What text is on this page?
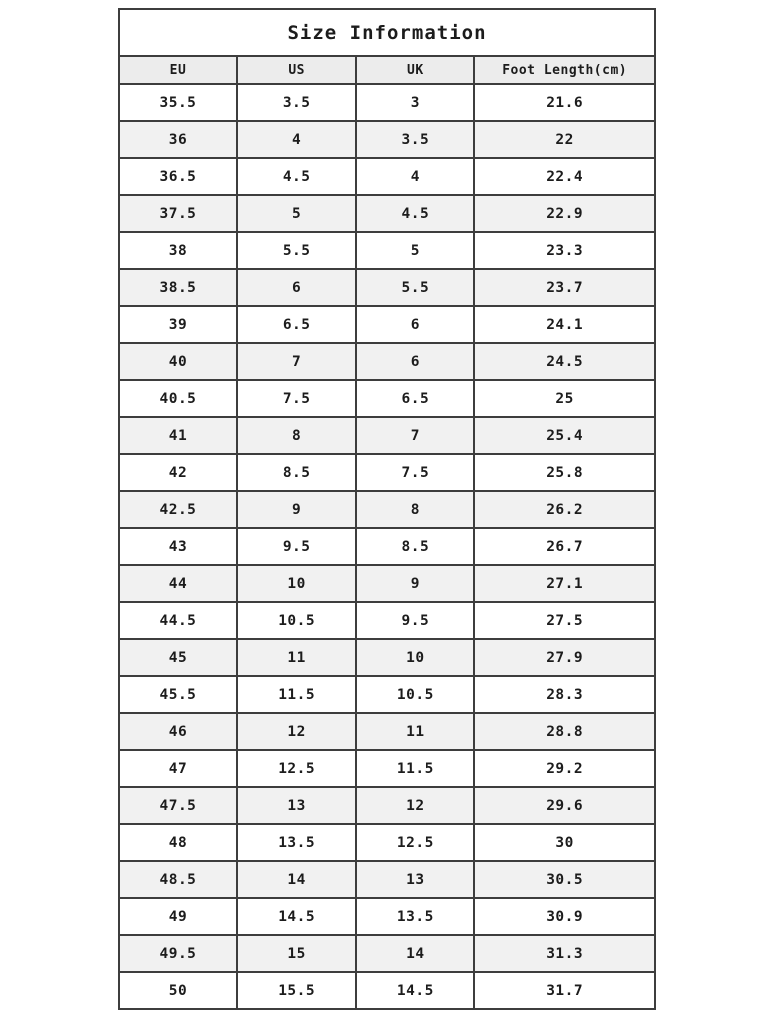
Size Information			
EU	US	UK	Foot Length(cm)
35.5	3.5	3	21.6
36	4	3.5	22
36.5	4.5	4	22.4
37.5	5	4.5	22.9
38	5.5	5	23.3
38.5	6	5.5	23.7
39	6.5	6	24.1
40	7	6	24.5
40.5	7.5	6.5	25
41	8	7	25.4
42	8.5	7.5	25.8
42.5	9	8	26.2
43	9.5	8.5	26.7
44	10	9	27.1
44.5	10.5	9.5	27.5
45	11	10	27.9
45.5	11.5	10.5	28.3
46	12	11	28.8
47	12.5	11.5	29.2
47.5	13	12	29.6
48	13.5	12.5	30
48.5	14	13	30.5
49	14.5	13.5	30.9
49.5	15	14	31.3
50	15.5	14.5	31.7
